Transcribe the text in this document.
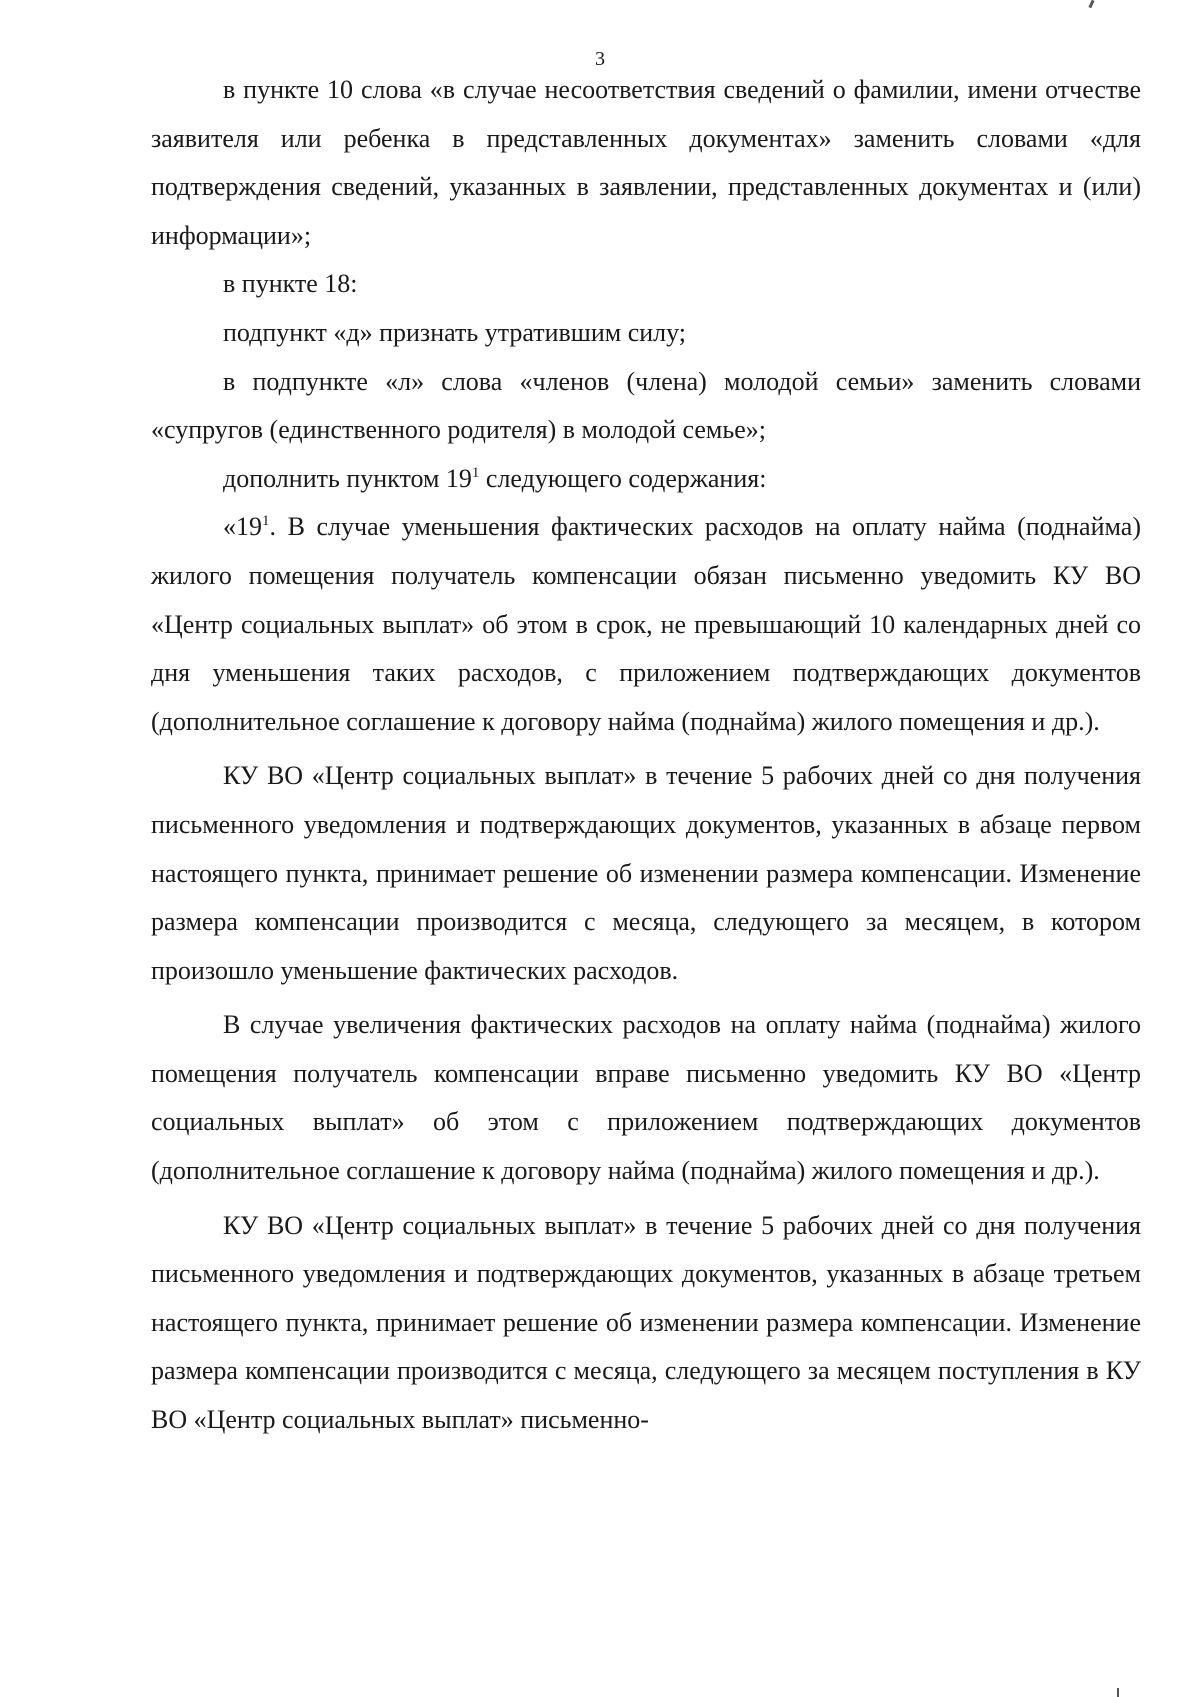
3

в пункте 10 слова «в случае несоответствия сведений о фамилии, имени отчестве заявителя или ребенка в представленных документах» заменить словами «для подтверждения сведений, указанных в заявлении, представленных документах и (или) информации»;

в пункте 18:

подпункт «д» признать утратившим силу;

в подпункте «л» слова «членов (члена) молодой семьи» заменить словами «супругов (единственного родителя) в молодой семье»;

дополнить пунктом $19^1$ следующего содержания:

«$19^1$. В случае уменьшения фактических расходов на оплату найма (поднайма) жилого помещения получатель компенсации обязан письменно уведомить КУ ВО «Центр социальных выплат» об этом в срок, не превышающий 10 календарных дней со дня уменьшения таких расходов, с приложением подтверждающих документов (дополнительное соглашение к договору найма (поднайма) жилого помещения и др.).

КУ ВО «Центр социальных выплат» в течение 5 рабочих дней со дня получения письменного уведомления и подтверждающих документов, указанных в абзаце первом настоящего пункта, принимает решение об изменении размера компенсации. Изменение размера компенсации производится с месяца, следующего за месяцем, в котором произошло уменьшение фактических расходов.

В случае увеличения фактических расходов на оплату найма (поднайма) жилого помещения получатель компенсации вправе письменно уведомить КУ ВО «Центр социальных выплат» об этом с приложением подтверждающих документов (дополнительное соглашение к договору найма (поднайма) жилого помещения и др.).

КУ ВО «Центр социальных выплат» в течение 5 рабочих дней со дня получения письменного уведомления и подтверждающих документов, указанных в абзаце третьем настоящего пункта, принимает решение об изменении размера компенсации. Изменение размера компенсации производится с месяца, следующего за месяцем поступления в КУ ВО «Центр социальных выплат» письменно-
